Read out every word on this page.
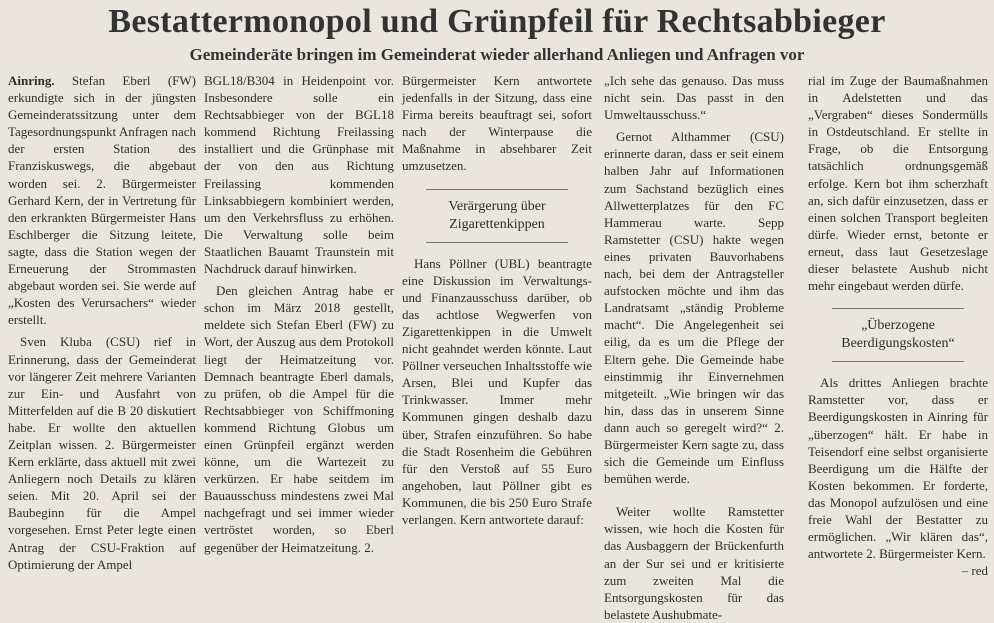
Bestattermonopol und Grünpfeil für Rechtsabbieger
Gemeinderäte bringen im Gemeinderat wieder allerhand Anliegen und Anfragen vor

Ainring. Stefan Eberl (FW) erkundigte sich in der jüngsten Gemeinderatssitzung unter dem Tagesordnungspunkt Anfragen nach der ersten Station des Franziskuswegs, die abgebaut worden sei. 2. Bürgermeister Gerhard Kern, der in Vertretung für den erkrankten Bürgermeister Hans Eschlberger die Sitzung leitete, sagte, dass die Station wegen der Erneuerung der Strommasten abgebaut worden sei. Sie werde auf „Kosten des Verursachers“ wieder erstellt.

Sven Kluba (CSU) rief in Erinnerung, dass der Gemeinderat vor längerer Zeit mehrere Varianten zur Ein- und Ausfahrt von Mitterfelden auf die B 20 diskutiert habe. Er wollte den aktuellen Zeitplan wissen. 2. Bürgermeister Kern erklärte, dass aktuell mit zwei Anliegern noch Details zu klären seien. Mit 20. April sei der Baubeginn für die Ampel vorgesehen. Ernst Peter legte einen Antrag der CSU-Fraktion auf Optimierung der Ampel

BGL18/B304 in Heidenpoint vor. Insbesondere solle ein Rechtsabbieger von der BGL18 kommend Richtung Freilassing installiert und die Grünphase mit der von den aus Richtung Freilassing kommenden Linksabbiegern kombiniert werden, um den Verkehrsfluss zu erhöhen. Die Verwaltung solle beim Staatlichen Bauamt Traunstein mit Nachdruck darauf hinwirken.

Den gleichen Antrag habe er schon im März 2018 gestellt, meldete sich Stefan Eberl (FW) zu Wort, der Auszug aus dem Protokoll liegt der Heimatzeitung vor. Demnach beantragte Eberl damals, zu prüfen, ob die Ampel für die Rechtsabbieger von Schiffmoning kommend Richtung Globus um einen Grünpfeil ergänzt werden könne, um die Wartezeit zu verkürzen. Er habe seitdem im Bauausschuss mindestens zwei Mal nachgefragt und sei immer wieder vertröstet worden, so Eberl gegenüber der Heimatzeitung. 2.

Bürgermeister Kern antwortete jedenfalls in der Sitzung, dass eine Firma bereits beauftragt sei, sofort nach der Winterpause die Maßnahme in absehbarer Zeit umzusetzen.

Verärgerung über Zigarettenkippen

Hans Pöllner (UBL) beantragte eine Diskussion im Verwaltungs- und Finanzausschuss darüber, ob das achtlose Wegwerfen von Zigarettenkippen in die Umwelt nicht geahndet werden könnte. Laut Pöllner verseuchen Inhaltsstoffe wie Arsen, Blei und Kupfer das Trinkwasser. Immer mehr Kommunen gingen deshalb dazu über, Strafen einzuführen. So habe die Stadt Rosenheim die Gebühren für den Verstoß auf 55 Euro angehoben, laut Pöllner gibt es Kommunen, die bis 250 Euro Strafe verlangen. Kern antwortete darauf:

„Ich sehe das genauso. Das muss nicht sein. Das passt in den Umweltausschuss.“

Gernot Althammer (CSU) erinnerte daran, dass er seit einem halben Jahr auf Informationen zum Sachstand bezüglich eines Allwetterplatzes für den FC Hammerau warte. Sepp Ramstetter (CSU) hakte wegen eines privaten Bauvorhabens nach, bei dem der Antragsteller aufstocken möchte und ihm das Landratsamt „ständig Probleme macht“. Die Angelegenheit sei eilig, da es um die Pflege der Eltern gehe. Die Gemeinde habe einstimmig ihr Einvernehmen mitgeteilt. „Wie bringen wir das hin, dass das in unserem Sinne dann auch so geregelt wird?“ 2. Bürgermeister Kern sagte zu, dass sich die Gemeinde um Einfluss bemühen werde.

Weiter wollte Ramstetter wissen, wie hoch die Kosten für das Ausbaggern der Brückenfurth an der Sur sei und er kritisierte zum zweiten Mal die Entsorgungskosten für das belastete Aushubmate-

rial im Zuge der Baumaßnahmen in Adelstetten und das „Vergraben“ dieses Sondermülls in Ostdeutschland. Er stellte in Frage, ob die Entsorgung tatsächlich ordnungsgemäß erfolge. Kern bot ihm scherzhaft an, sich dafür einzusetzen, dass er einen solchen Transport begleiten dürfe. Wieder ernst, betonte er erneut, dass laut Gesetzeslage dieser belastete Aushub nicht mehr eingebaut werden dürfe.

„Überzogene Beerdigungskosten“

Als drittes Anliegen brachte Ramstetter vor, dass er Beerdigungskosten in Ainring für „überzogen“ hält. Er habe in Teisendorf eine selbst organisierte Beerdigung um die Hälfte der Kosten bekommen. Er forderte, das Monopol aufzulösen und eine freie Wahl der Bestatter zu ermöglichen. „Wir klären das“, antwortete 2. Bürgermeister Kern.
– red
